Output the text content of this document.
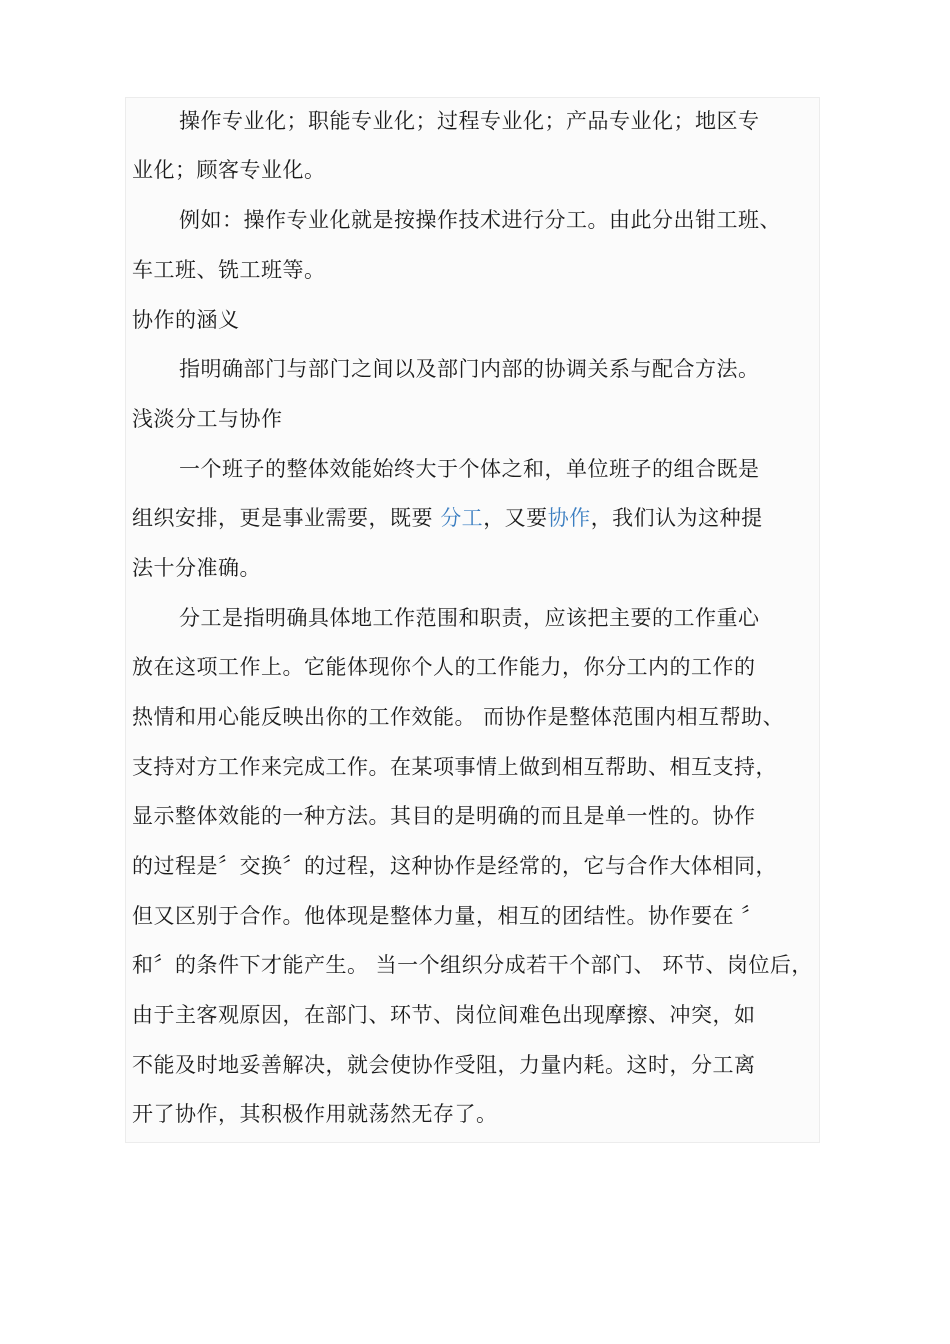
操作专业化；职能专业化；过程专业化；产品专业化；地区专
业化；顾客专业化。
例如：操作专业化就是按操作技术进行分工。由此分出钳工班、
车工班、铣工班等。
协作的涵义
指明确部门与部门之间以及部门内部的协调关系与配合方法。
浅淡分工与协作
一个班子的整体效能始终大于个体之和，单位班子的组合既是
组织安排，更是事业需要，既要 分工，又要协作，我们认为这种提
法十分准确。
分工是指明确具体地工作范围和职责，应该把主要的工作重心
放在这项工作上。它能体现你个人的工作能力，你分工内的工作的
热情和用心能反映出你的工作效能。 而协作是整体范围内相互帮助、
支持对方工作来完成工作。在某项事情上做到相互帮助、相互支持，
显示整体效能的一种方法。其目的是明确的而且是单一性的。协作
的过程是〞交换〞的过程，这种协作是经常的，它与合作大体相同，
但又区别于合作。他体现是整体力量，相互的团结性。协作要在 〞
和〞的条件下才能产生。 当一个组织分成若干个部门、 环节、岗位后，
由于主客观原因，在部门、环节、岗位间难色出现摩擦、冲突，如
不能及时地妥善解决，就会使协作受阻，力量内耗。这时，分工离
开了协作，其积极作用就荡然无存了。
